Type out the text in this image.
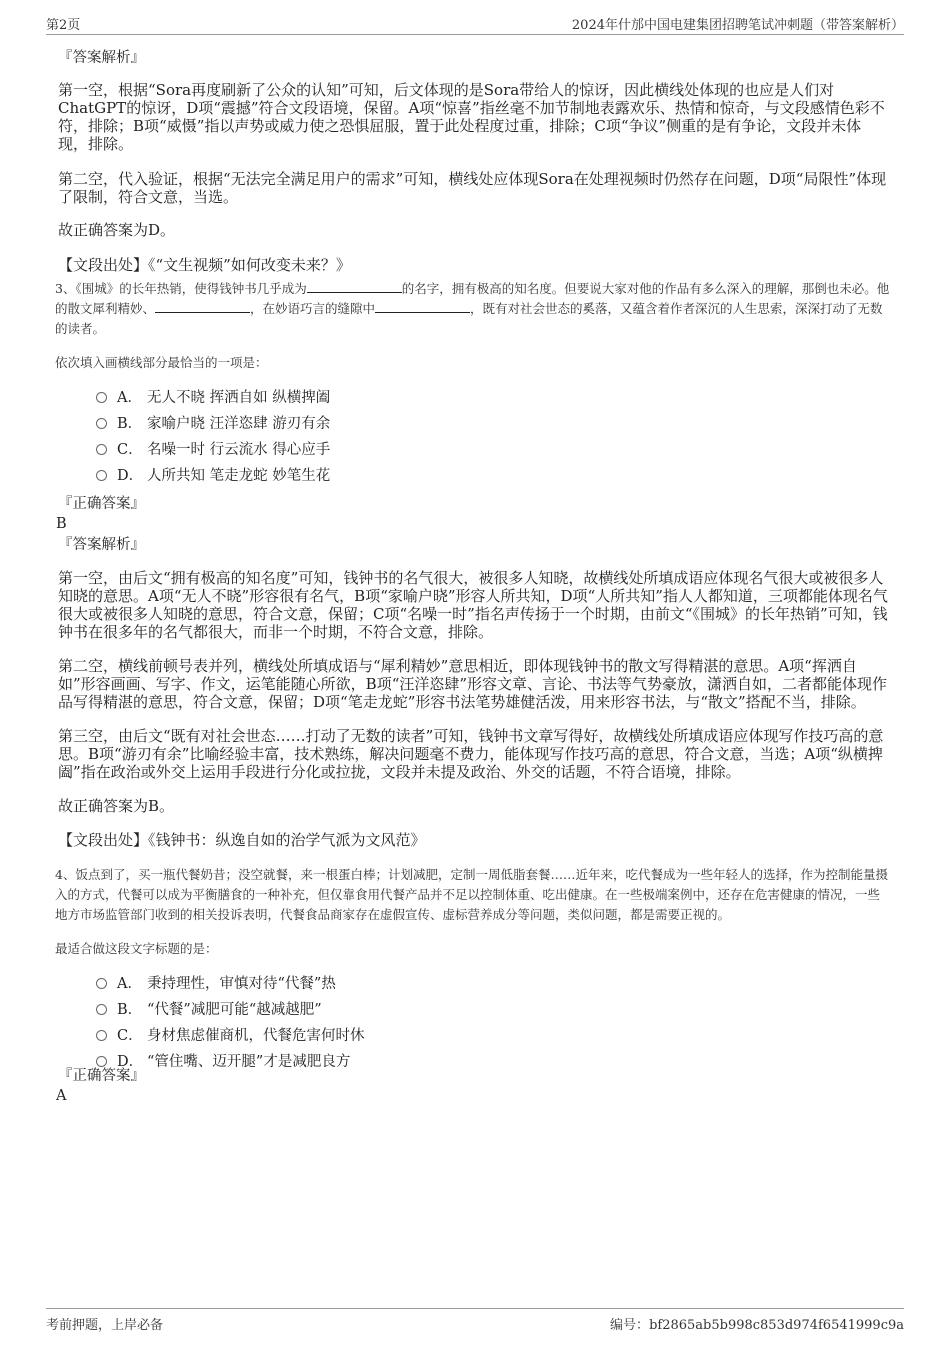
第2页	2024年什邡中国电建集团招聘笔试冲刺题（带答案解析）

『答案解析』

第一空，根据“Sora再度刷新了公众的认知”可知，后文体现的是Sora带给人的惊讶，因此横线处体现的也应是人们对ChatGPT的惊讶，D项“震撼”符合文段语境，保留。A项“惊喜”指丝毫不加节制地表露欢乐、热情和惊奇，与文段感情色彩不符，排除；B项“威慑”指以声势或威力使之恐惧屈服，置于此处程度过重，排除；C项“争议”侧重的是有争论，文段并未体现，排除。

第二空，代入验证，根据“无法完全满足用户的需求”可知，横线处应体现Sora在处理视频时仍然存在问题，D项“局限性”体现了限制，符合文意，当选。

故正确答案为D。

【文段出处】《“文生视频”如何改变未来？》

3、《围城》的长年热销，使得钱钟书几乎成为	的名字，拥有极高的知名度。但要说大家对他的作品有多么深入的理解，那倒也未必。他的散文犀利精妙、	，在妙语巧言的缝隙中	，既有对社会世态的奚落，又蕴含着作者深沉的人生思索，深深打动了无数的读者。

依次填入画横线部分最恰当的一项是：

A． 无人不晓 挥洒自如 纵横捭阖
B． 家喻户晓 汪洋恣肆 游刃有余
C． 名噪一时 行云流水 得心应手
D． 人所共知 笔走龙蛇 妙笔生花

『正确答案』

B

『答案解析』

第一空，由后文“拥有极高的知名度”可知，钱钟书的名气很大，被很多人知晓，故横线处所填成语应体现名气很大或被很多人知晓的意思。A项“无人不晓”形容很有名气，B项“家喻户晓”形容人所共知，D项“人所共知”指人人都知道，三项都能体现名气很大或被很多人知晓的意思，符合文意，保留；C项“名噪一时”指名声传扬于一个时期，由前文“《围城》的长年热销”可知，钱钟书在很多年的名气都很大，而非一个时期，不符合文意，排除。

第二空，横线前顿号表并列，横线处所填成语与“犀利精妙”意思相近，即体现钱钟书的散文写得精湛的意思。A项“挥洒自如”形容画画、写字、作文，运笔能随心所欲，B项“汪洋恣肆”形容文章、言论、书法等气势豪放，潇洒自如，二者都能体现作品写得精湛的意思，符合文意，保留；D项“笔走龙蛇”形容书法笔势雄健活泼，用来形容书法，与“散文”搭配不当，排除。

第三空，由后文“既有对社会世态……打动了无数的读者”可知，钱钟书文章写得好，故横线处所填成语应体现写作技巧高的意思。B项“游刃有余”比喻经验丰富，技术熟练，解决问题毫不费力，能体现写作技巧高的意思，符合文意，当选；A项“纵横捭阖”指在政治或外交上运用手段进行分化或拉拢，文段并未提及政治、外交的话题，不符合语境，排除。

故正确答案为B。

【文段出处】《钱钟书：纵逸自如的治学气派为文风范》

4、饭点到了，买一瓶代餐奶昔；没空就餐，来一根蛋白棒；计划减肥，定制一周低脂套餐……近年来，吃代餐成为一些年轻人的选择，作为控制能量摄入的方式，代餐可以成为平衡膳食的一种补充，但仅靠食用代餐产品并不足以控制体重、吃出健康。在一些极端案例中，还存在危害健康的情况，一些地方市场监管部门收到的相关投诉表明，代餐食品商家存在虚假宣传、虚标营养成分等问题，类似问题，都是需要正视的。

最适合做这段文字标题的是：

A． 秉持理性，审慎对待“代餐”热
B． “代餐”减肥可能“越减越肥”
C． 身材焦虑催商机，代餐危害何时休
D． “管住嘴、迈开腿”才是减肥良方

『正确答案』

A

考前押题，上岸必备	编号：bf2865ab5b998c853d974f6541999c9a
